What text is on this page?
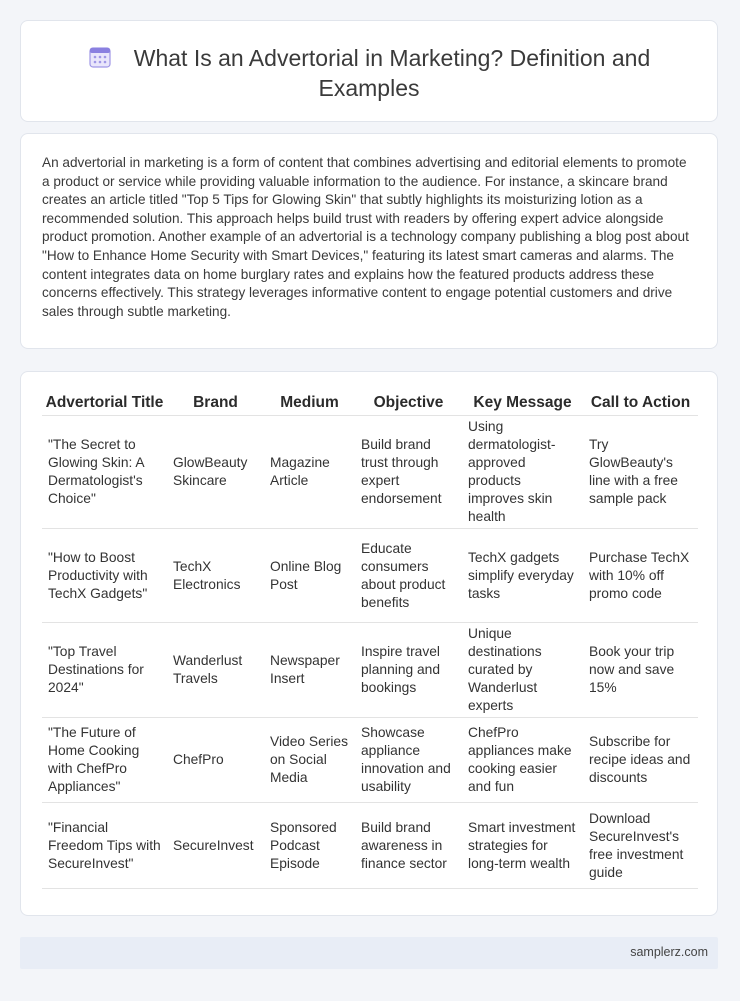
What Is an Advertorial in Marketing? Definition and Examples

An advertorial in marketing is a form of content that combines advertising and editorial elements to promote a product or service while providing valuable information to the audience. For instance, a skincare brand creates an article titled "Top 5 Tips for Glowing Skin" that subtly highlights its moisturizing lotion as a recommended solution. This approach helps build trust with readers by offering expert advice alongside product promotion. Another example of an advertorial is a technology company publishing a blog post about "How to Enhance Home Security with Smart Devices," featuring its latest smart cameras and alarms. The content integrates data on home burglary rates and explains how the featured products address these concerns effectively. This strategy leverages informative content to engage potential customers and drive sales through subtle marketing.

Advertorial Title	Brand	Medium	Objective	Key Message	Call to Action
"The Secret to Glowing Skin: A Dermatologist's Choice"	GlowBeauty Skincare	Magazine Article	Build brand trust through expert endorsement	Using dermatologist-approved products improves skin health	Try GlowBeauty's line with a free sample pack
"How to Boost Productivity with TechX Gadgets"	TechX Electronics	Online Blog Post	Educate consumers about product benefits	TechX gadgets simplify everyday tasks	Purchase TechX with 10% off promo code
"Top Travel Destinations for 2024"	Wanderlust Travels	Newspaper Insert	Inspire travel planning and bookings	Unique destinations curated by Wanderlust experts	Book your trip now and save 15%
"The Future of Home Cooking with ChefPro Appliances"	ChefPro	Video Series on Social Media	Showcase appliance innovation and usability	ChefPro appliances make cooking easier and fun	Subscribe for recipe ideas and discounts
"Financial Freedom Tips with SecureInvest"	SecureInvest	Sponsored Podcast Episode	Build brand awareness in finance sector	Smart investment strategies for long-term wealth	Download SecureInvest's free investment guide
samplerz.com
